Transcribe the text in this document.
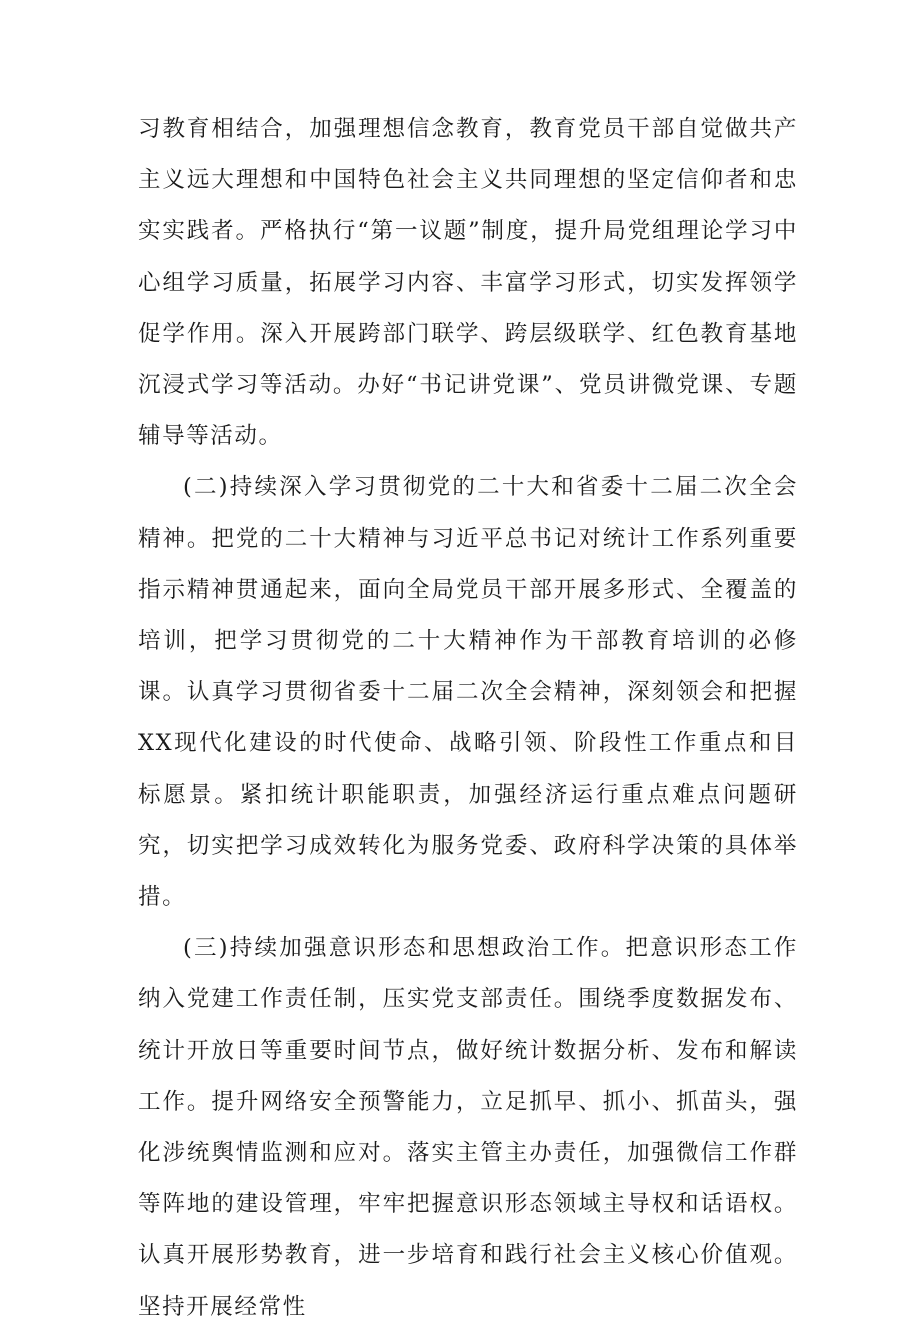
习教育相结合，加强理想信念教育，教育党员干部自觉做共产主义远大理想和中国特色社会主义共同理想的坚定信仰者和忠实实践者。严格执行“第一议题”制度，提升局党组理论学习中心组学习质量，拓展学习内容、丰富学习形式，切实发挥领学促学作用。深入开展跨部门联学、跨层级联学、红色教育基地沉浸式学习等活动。办好“书记讲党课”、党员讲微党课、专题辅导等活动。

(二)持续深入学习贯彻党的二十大和省委十二届二次全会精神。把党的二十大精神与习近平总书记对统计工作系列重要指示精神贯通起来，面向全局党员干部开展多形式、全覆盖的培训，把学习贯彻党的二十大精神作为干部教育培训的必修课。认真学习贯彻省委十二届二次全会精神，深刻领会和把握XX现代化建设的时代使命、战略引领、阶段性工作重点和目标愿景。紧扣统计职能职责，加强经济运行重点难点问题研究，切实把学习成效转化为服务党委、政府科学决策的具体举措。

(三)持续加强意识形态和思想政治工作。把意识形态工作纳入党建工作责任制，压实党支部责任。围绕季度数据发布、统计开放日等重要时间节点，做好统计数据分析、发布和解读工作。提升网络安全预警能力，立足抓早、抓小、抓苗头，强化涉统舆情监测和应对。落实主管主办责任，加强微信工作群等阵地的建设管理，牢牢把握意识形态领域主导权和话语权。认真开展形势教育，进一步培育和践行社会主义核心价值观。坚持开展经常性
